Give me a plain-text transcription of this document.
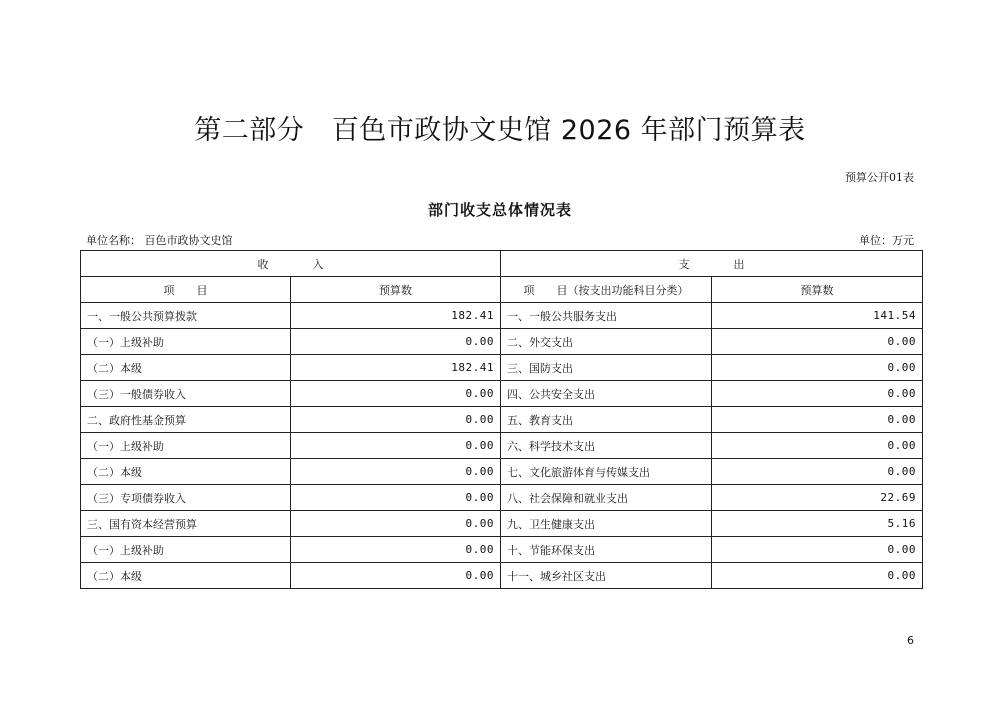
第二部分　百色市政协文史馆 2026 年部门预算表
预算公开01表
部门收支总体情况表
单位名称： 百色市政协文史馆	单位：万元
收　　　　入		支　　　　出	
项　　目	预算数	项　　目（按支出功能科目分类）	预算数
一、一般公共预算拨款	182.41	一、一般公共服务支出	141.54
（一）上级补助	0.00	二、外交支出	0.00
（二）本级	182.41	三、国防支出	0.00
（三）一般债券收入	0.00	四、公共安全支出	0.00
二、政府性基金预算	0.00	五、教育支出	0.00
（一）上级补助	0.00	六、科学技术支出	0.00
（二）本级	0.00	七、文化旅游体育与传媒支出	0.00
（三）专项债券收入	0.00	八、社会保障和就业支出	22.69
三、国有资本经营预算	0.00	九、卫生健康支出	5.16
（一）上级补助	0.00	十、节能环保支出	0.00
（二）本级	0.00	十一、城乡社区支出	0.00
6
